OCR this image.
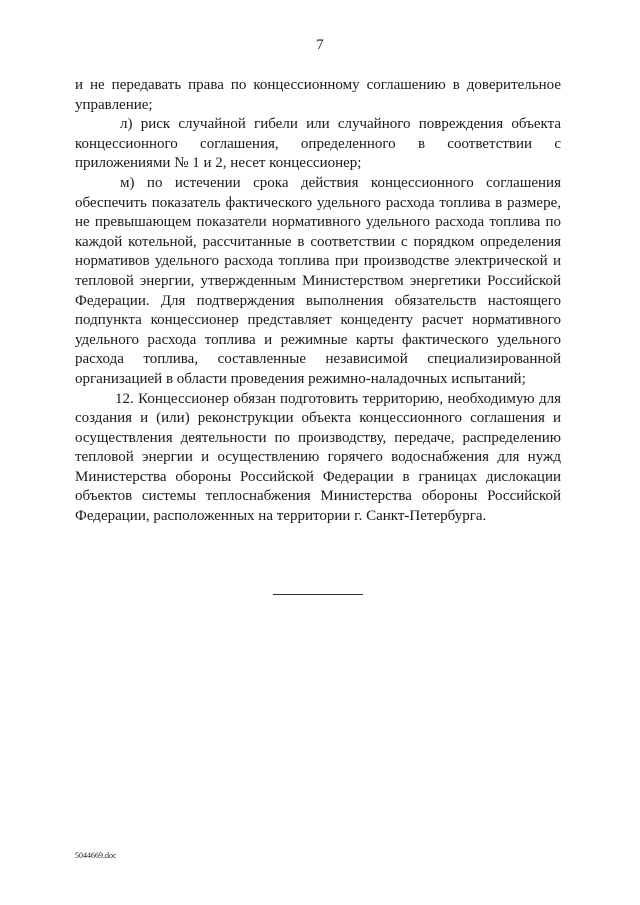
7

и не передавать права по концессионному соглашению в доверительное управление;

л) риск случайной гибели или случайного повреждения объекта концессионного соглашения, определенного в соответствии с приложениями № 1 и 2, несет концессионер;

м) по истечении срока действия концессионного соглашения обеспечить показатель фактического удельного расхода топлива в размере, не превышающем показатели нормативного удельного расхода топлива по каждой котельной, рассчитанные в соответствии с порядком определения нормативов удельного расхода топлива при производстве электрической и тепловой энергии, утвержденным Министерством энергетики Российской Федерации. Для подтверждения выполнения обязательств настоящего подпункта концессионер представляет концеденту расчет нормативного удельного расхода топлива и режимные карты фактического удельного расхода топлива, составленные независимой специализированной организацией в области проведения режимно-наладочных испытаний;

12. Концессионер обязан подготовить территорию, необходимую для создания и (или) реконструкции объекта концессионного соглашения и осуществления деятельности по производству, передаче, распределению тепловой энергии и осуществлению горячего водоснабжения для нужд Министерства обороны Российской Федерации в границах дислокации объектов системы теплоснабжения Министерства обороны Российской Федерации, расположенных на территории г. Санкт-Петербурга.

5044669.doc
